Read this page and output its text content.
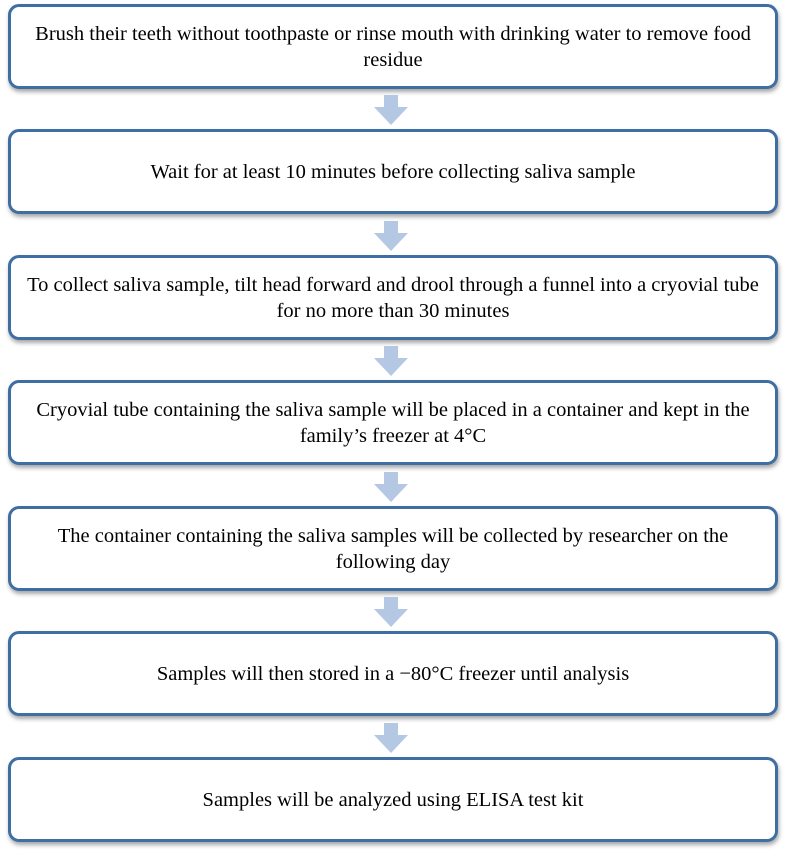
Brush their teeth without toothpaste or rinse mouth with drinking water to remove food residue
Wait for at least 10 minutes before collecting saliva sample
To collect saliva sample, tilt head forward and drool through a funnel into a cryovial tube for no more than 30 minutes
Cryovial tube containing the saliva sample will be placed in a container and kept in the family’s freezer at 4°C
The container containing the saliva samples will be collected by researcher on the following day
Samples will then stored in a −80°C freezer until analysis
Samples will be analyzed using ELISA test kit
